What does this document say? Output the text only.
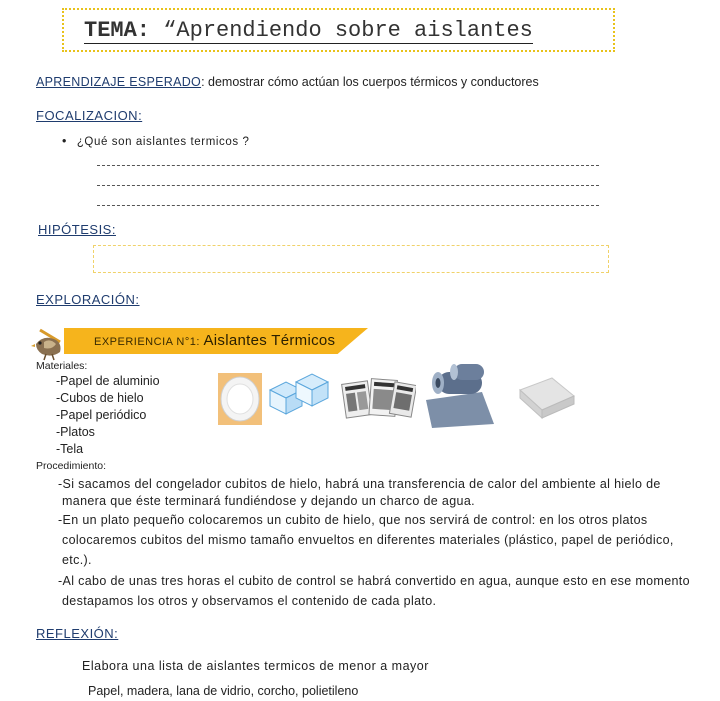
TEMA: “Aprendiendo sobre aislantes
APRENDIZAJE ESPERADO: demostrar cómo actúan los cuerpos térmicos y conductores
FOCALIZACION:
• ¿Qué son aislantes termicos ?
HIPÓTESIS:
EXPLORACIÓN:
EXPERIENCIA N°1: Aislantes Térmicos
Materiales:
-Papel de aluminio
-Cubos de hielo
-Papel periódico
-Platos
-Tela
Procedimiento:
-Si sacamos del congelador cubitos de hielo, habrá una transferencia de calor del ambiente al hielo de
manera que éste terminará fundiéndose y dejando un charco de agua.
-En un plato pequeño colocaremos un cubito de hielo, que nos servirá de control: en los otros platos
colocaremos cubitos del mismo tamaño envueltos en diferentes materiales (plástico, papel de periódico,
etc.).
-Al cabo de unas tres horas el cubito de control se habrá convertido en agua, aunque esto en ese momento
destapamos los otros y observamos el contenido de cada plato.
REFLEXIÓN:
Elabora una lista de aislantes termicos de menor a mayor
Papel, madera, lana de vidrio, corcho, polietileno
